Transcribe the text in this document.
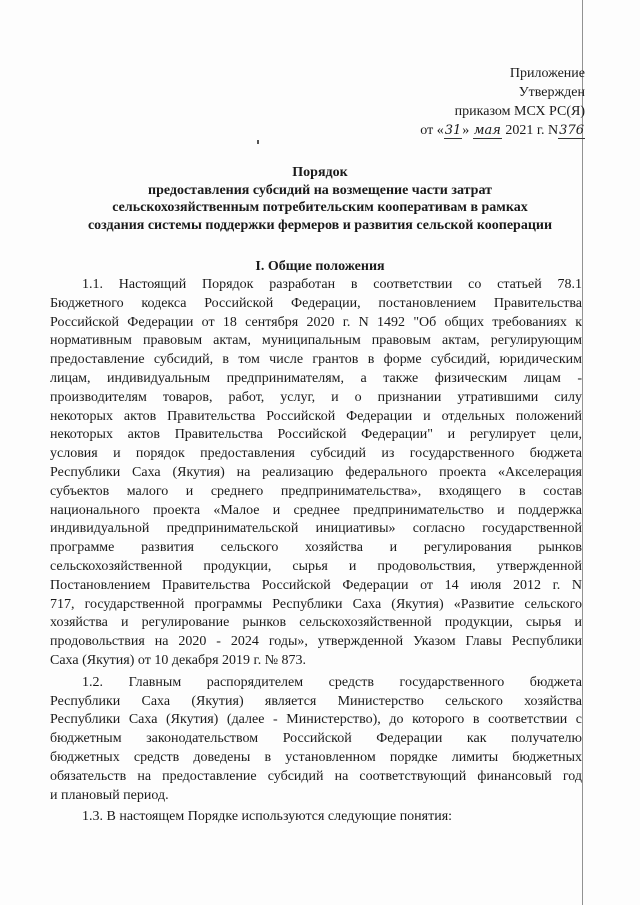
Приложение
Утвержден
приказом МСХ РС(Я)
от «31» мая 2021 г. N376
Порядок
предоставления субсидий на возмещение части затрат
сельскохозяйственным потребительским кооперативам в рамках
создания системы поддержки фермеров и развития сельской кооперации
I. Общие положения
1.1. Настоящий Порядок разработан в соответствии со статьей 78.1
Бюджетного кодекса Российской Федерации, постановлением Правительства
Российской Федерации от 18 сентября 2020 г. N 1492 "Об общих требованиях к
нормативным правовым актам, муниципальным правовым актам, регулирующим
предоставление субсидий, в том числе грантов в форме субсидий, юридическим
лицам, индивидуальным предпринимателям, а также физическим лицам -
производителям товаров, работ, услуг, и о признании утратившими силу
некоторых актов Правительства Российской Федерации и отдельных положений
некоторых актов Правительства Российской Федерации" и регулирует цели,
условия и порядок предоставления субсидий из государственного бюджета
Республики Саха (Якутия) на реализацию федерального проекта «Акселерация
субъектов малого и среднего предпринимательства», входящего в состав
национального проекта «Малое и среднее предпринимательство и поддержка
индивидуальной предпринимательской инициативы» согласно государственной
программе развития сельского хозяйства и регулирования рынков
сельскохозяйственной продукции, сырья и продовольствия, утвержденной
Постановлением Правительства Российской Федерации от 14 июля 2012 г. N
717, государственной программы Республики Саха (Якутия) «Развитие сельского
хозяйства и регулирование рынков сельскохозяйственной продукции, сырья и
продовольствия на 2020 - 2024 годы», утвержденной Указом Главы Республики
Саха (Якутия) от 10 декабря 2019 г. № 873.
1.2. Главным распорядителем средств государственного бюджета
Республики Саха (Якутия) является Министерство сельского хозяйства
Республики Саха (Якутия) (далее - Министерство), до которого в соответствии с
бюджетным законодательством Российской Федерации как получателю
бюджетных средств доведены в установленном порядке лимиты бюджетных
обязательств на предоставление субсидий на соответствующий финансовый год
и плановый период.
1.3. В настоящем Порядке используются следующие понятия:
